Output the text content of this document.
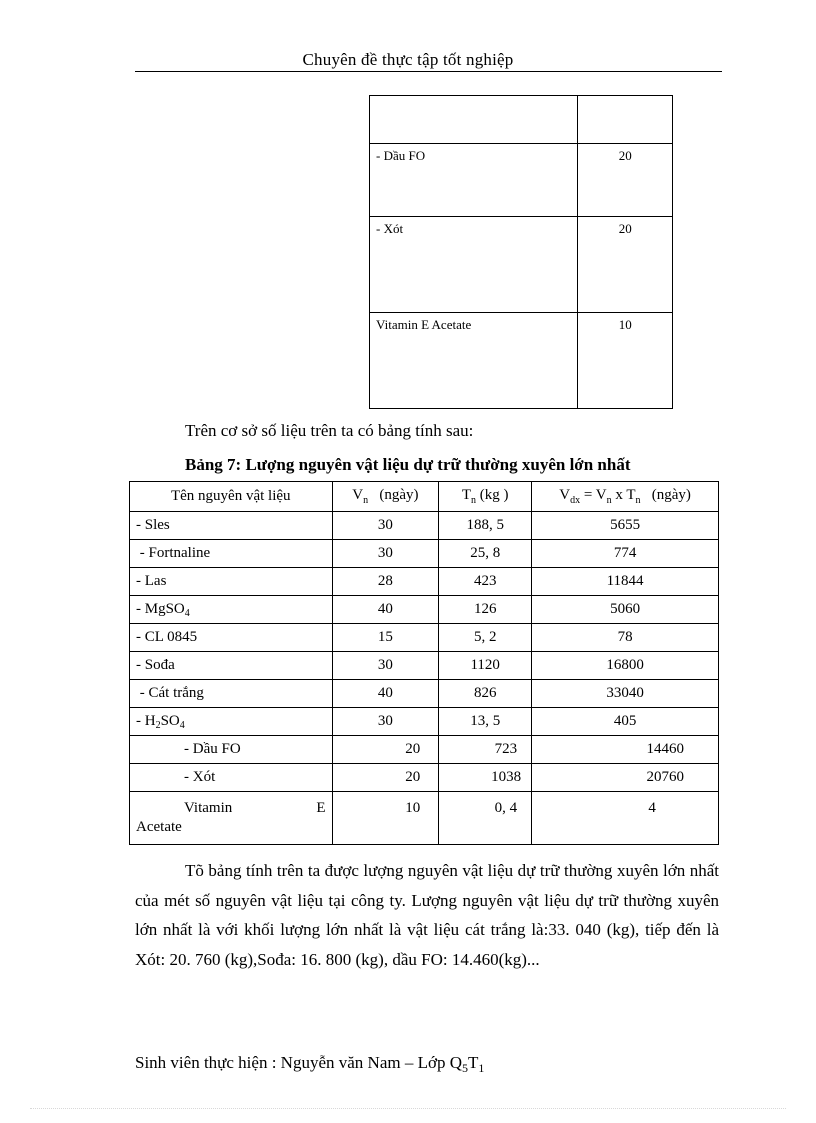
Chuyên đề thực tập tốt nghiệp

- Dầu FO	20
- Xót	20
Vitamin E Acetate	10
Trên cơ sở số liệu trên ta có bảng tính sau:
Bảng 7: Lượng nguyên vật liệu dự trữ thường xuyên lớn nhất
Tên nguyên vật liệu	$V_n$ (ngày)	$T_n$ (kg )	$V_{dx} = V_n$ x $T_n$ (ngày)
- Sles	30	188, 5	5655
- Fortnaline	30	25, 8	774
- Las	28	423	11844
- MgSO$_4$	40	126	5060
- CL 0845	15	5, 2	78
- Sođa	30	1120	16800
- Cát trắng	40	826	33040
- $H_2SO_4$	30	13, 5	405
- Dầu FO	20	723	14460
- Xót	20	1038	20760

Vitamin E
Acetate	10	0, 4	4
Tõ bảng tính trên ta được lượng nguyên vật liệu dự trữ thường xuyên lớn nhất của mét số nguyên vật liệu tại công ty. Lượng nguyên vật liệu dự trữ thường xuyên lớn nhất là với khối lượng lớn nhất là vật liệu cát trắng là:33. 040 (kg), tiếp đến là Xót: 20. 760 (kg),Sođa: 16. 800 (kg), dầu FO: 14.460(kg)...
Sinh viên thực hiện : Nguyễn văn Nam – Lớp $Q_5T_1$
